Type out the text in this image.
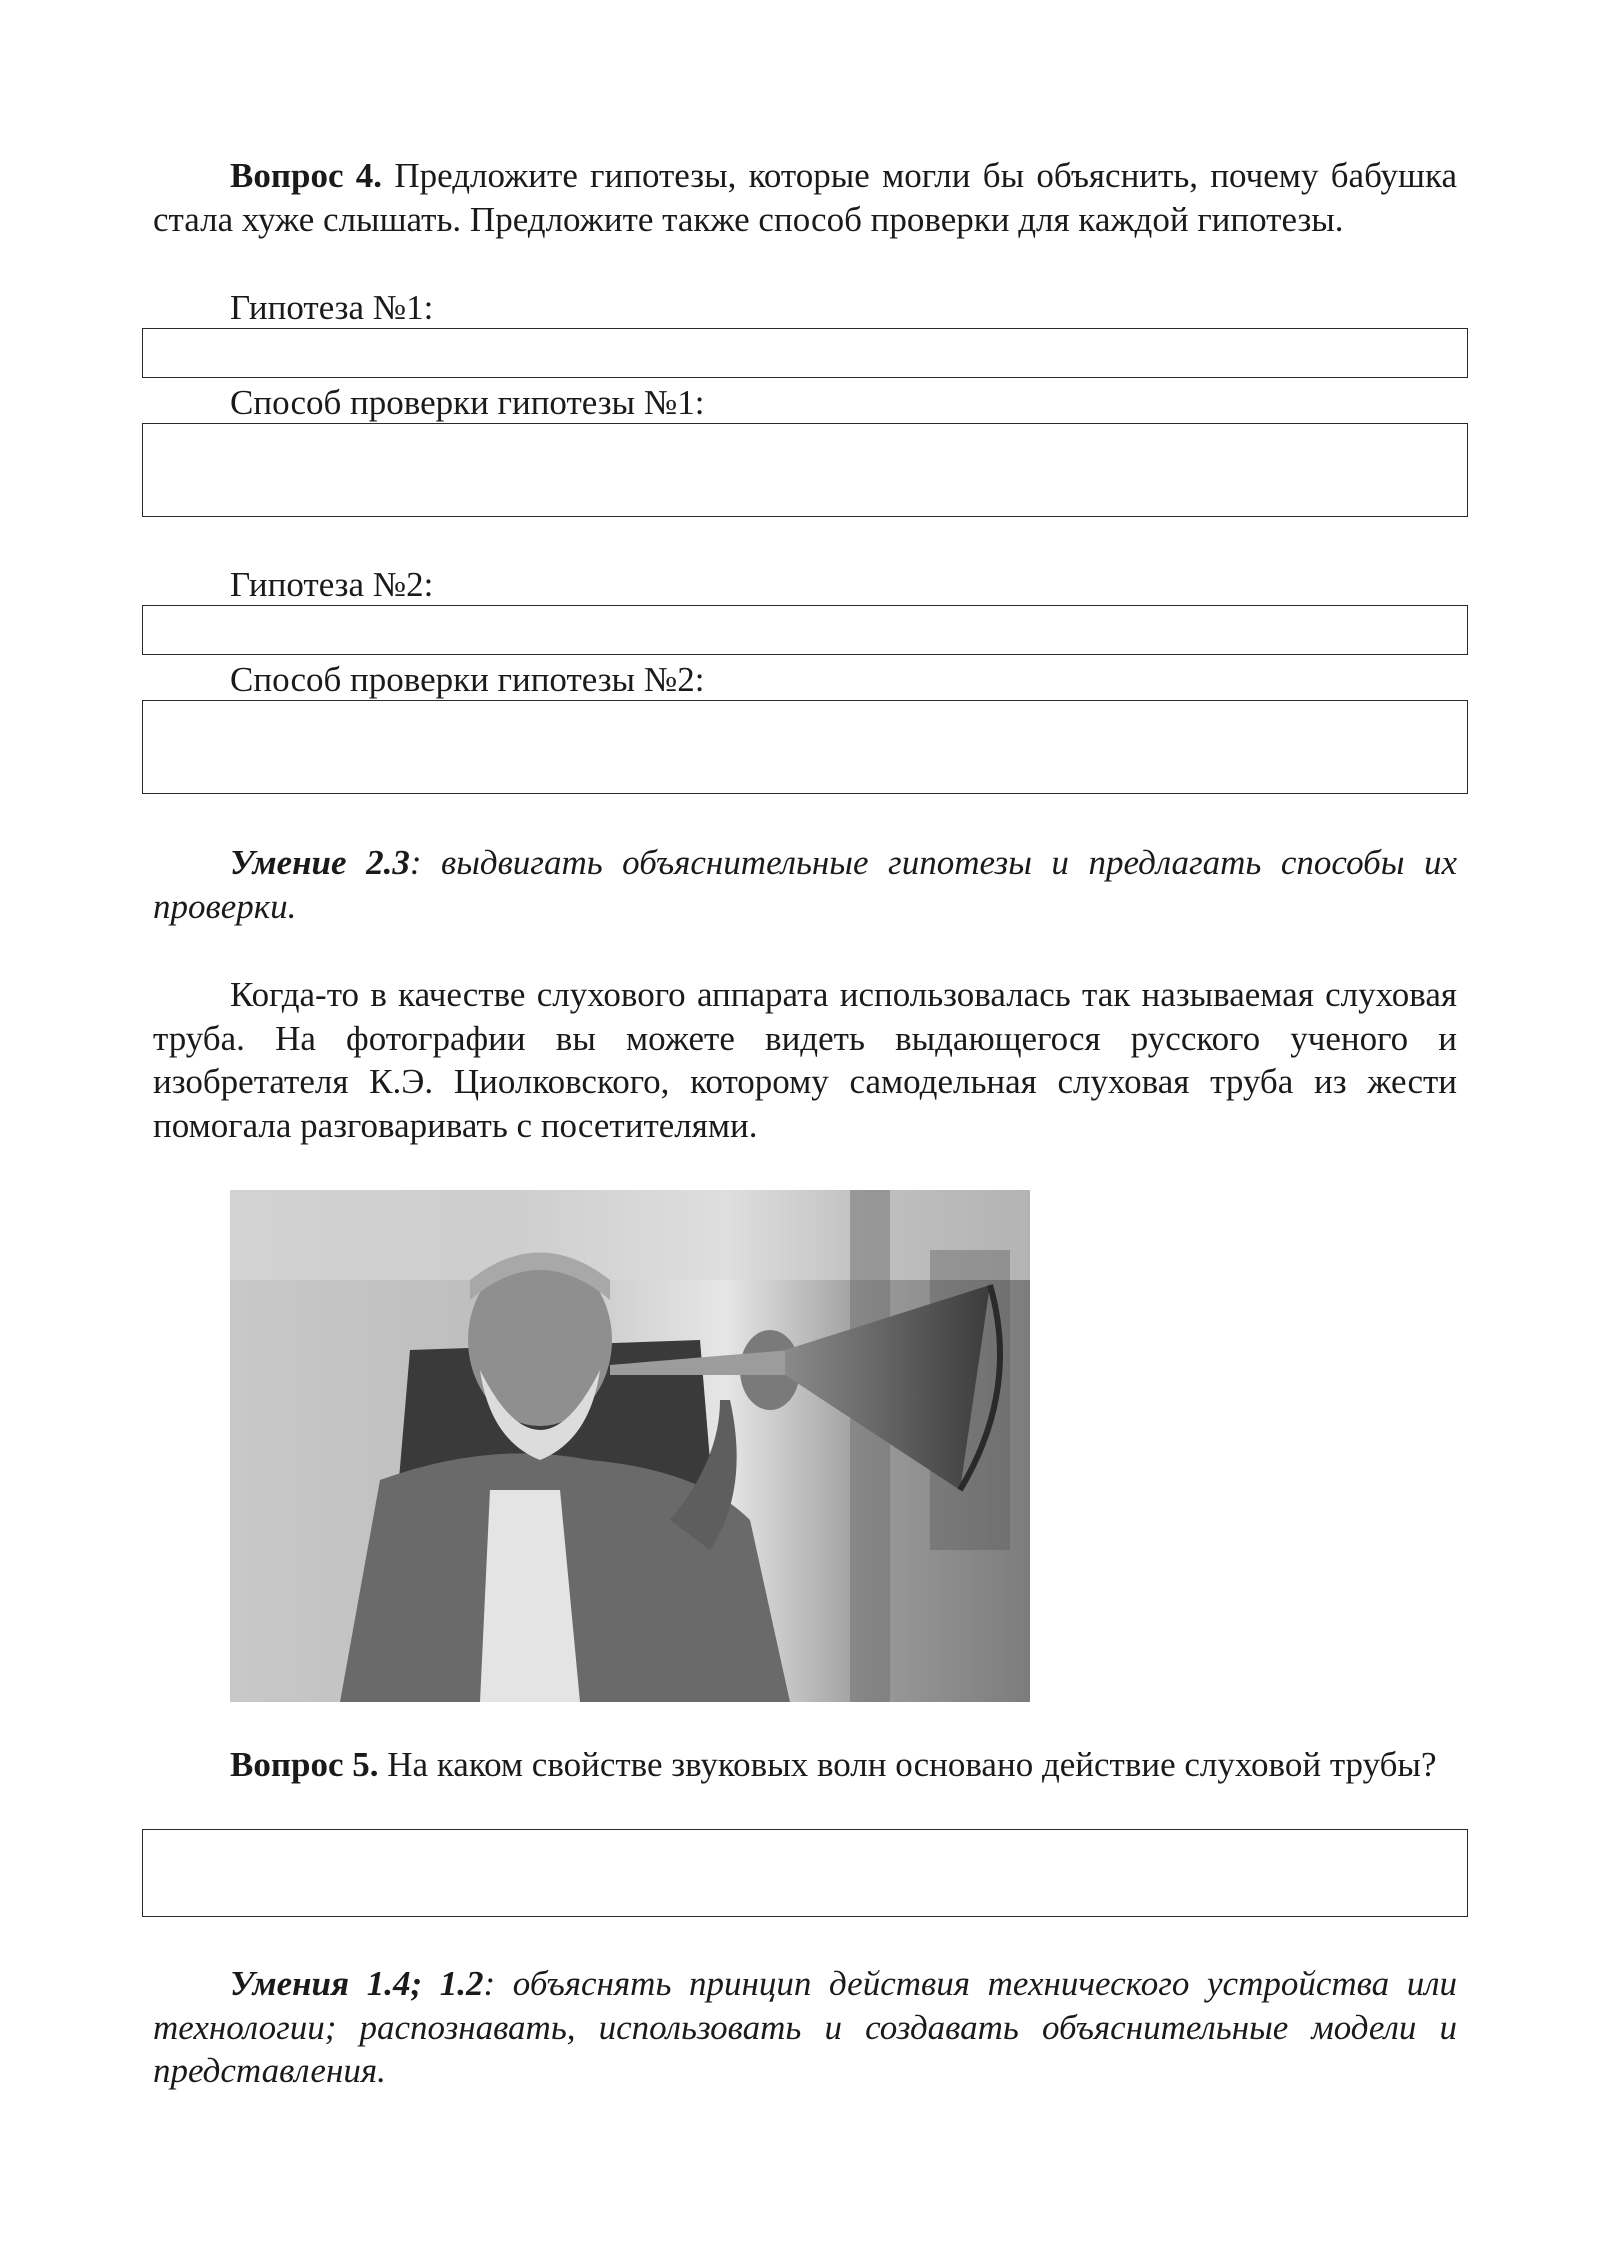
Вопрос 4. Предложите гипотезы, которые могли бы объяснить, почему бабушка стала хуже слышать. Предложите также способ проверки для каждой гипотезы.

Гипотеза №1:

Способ проверки гипотезы №1:

Гипотеза №2:

Способ проверки гипотезы №2:

Умение 2.3: выдвигать объяснительные гипотезы и предлагать способы их проверки.

Когда-то в качестве слухового аппарата использовалась так называемая слуховая труба. На фотографии вы можете видеть выдающегося русского ученого и изобретателя К.Э. Циолковского, которому самодельная слуховая труба из жести помогала разговаривать с посетителями.

Вопрос 5. На каком свойстве звуковых волн основано действие слуховой трубы?

Умения 1.4; 1.2: объяснять принцип действия технического устройства или технологии; распознавать, использовать и создавать объяснительные модели и представления.
